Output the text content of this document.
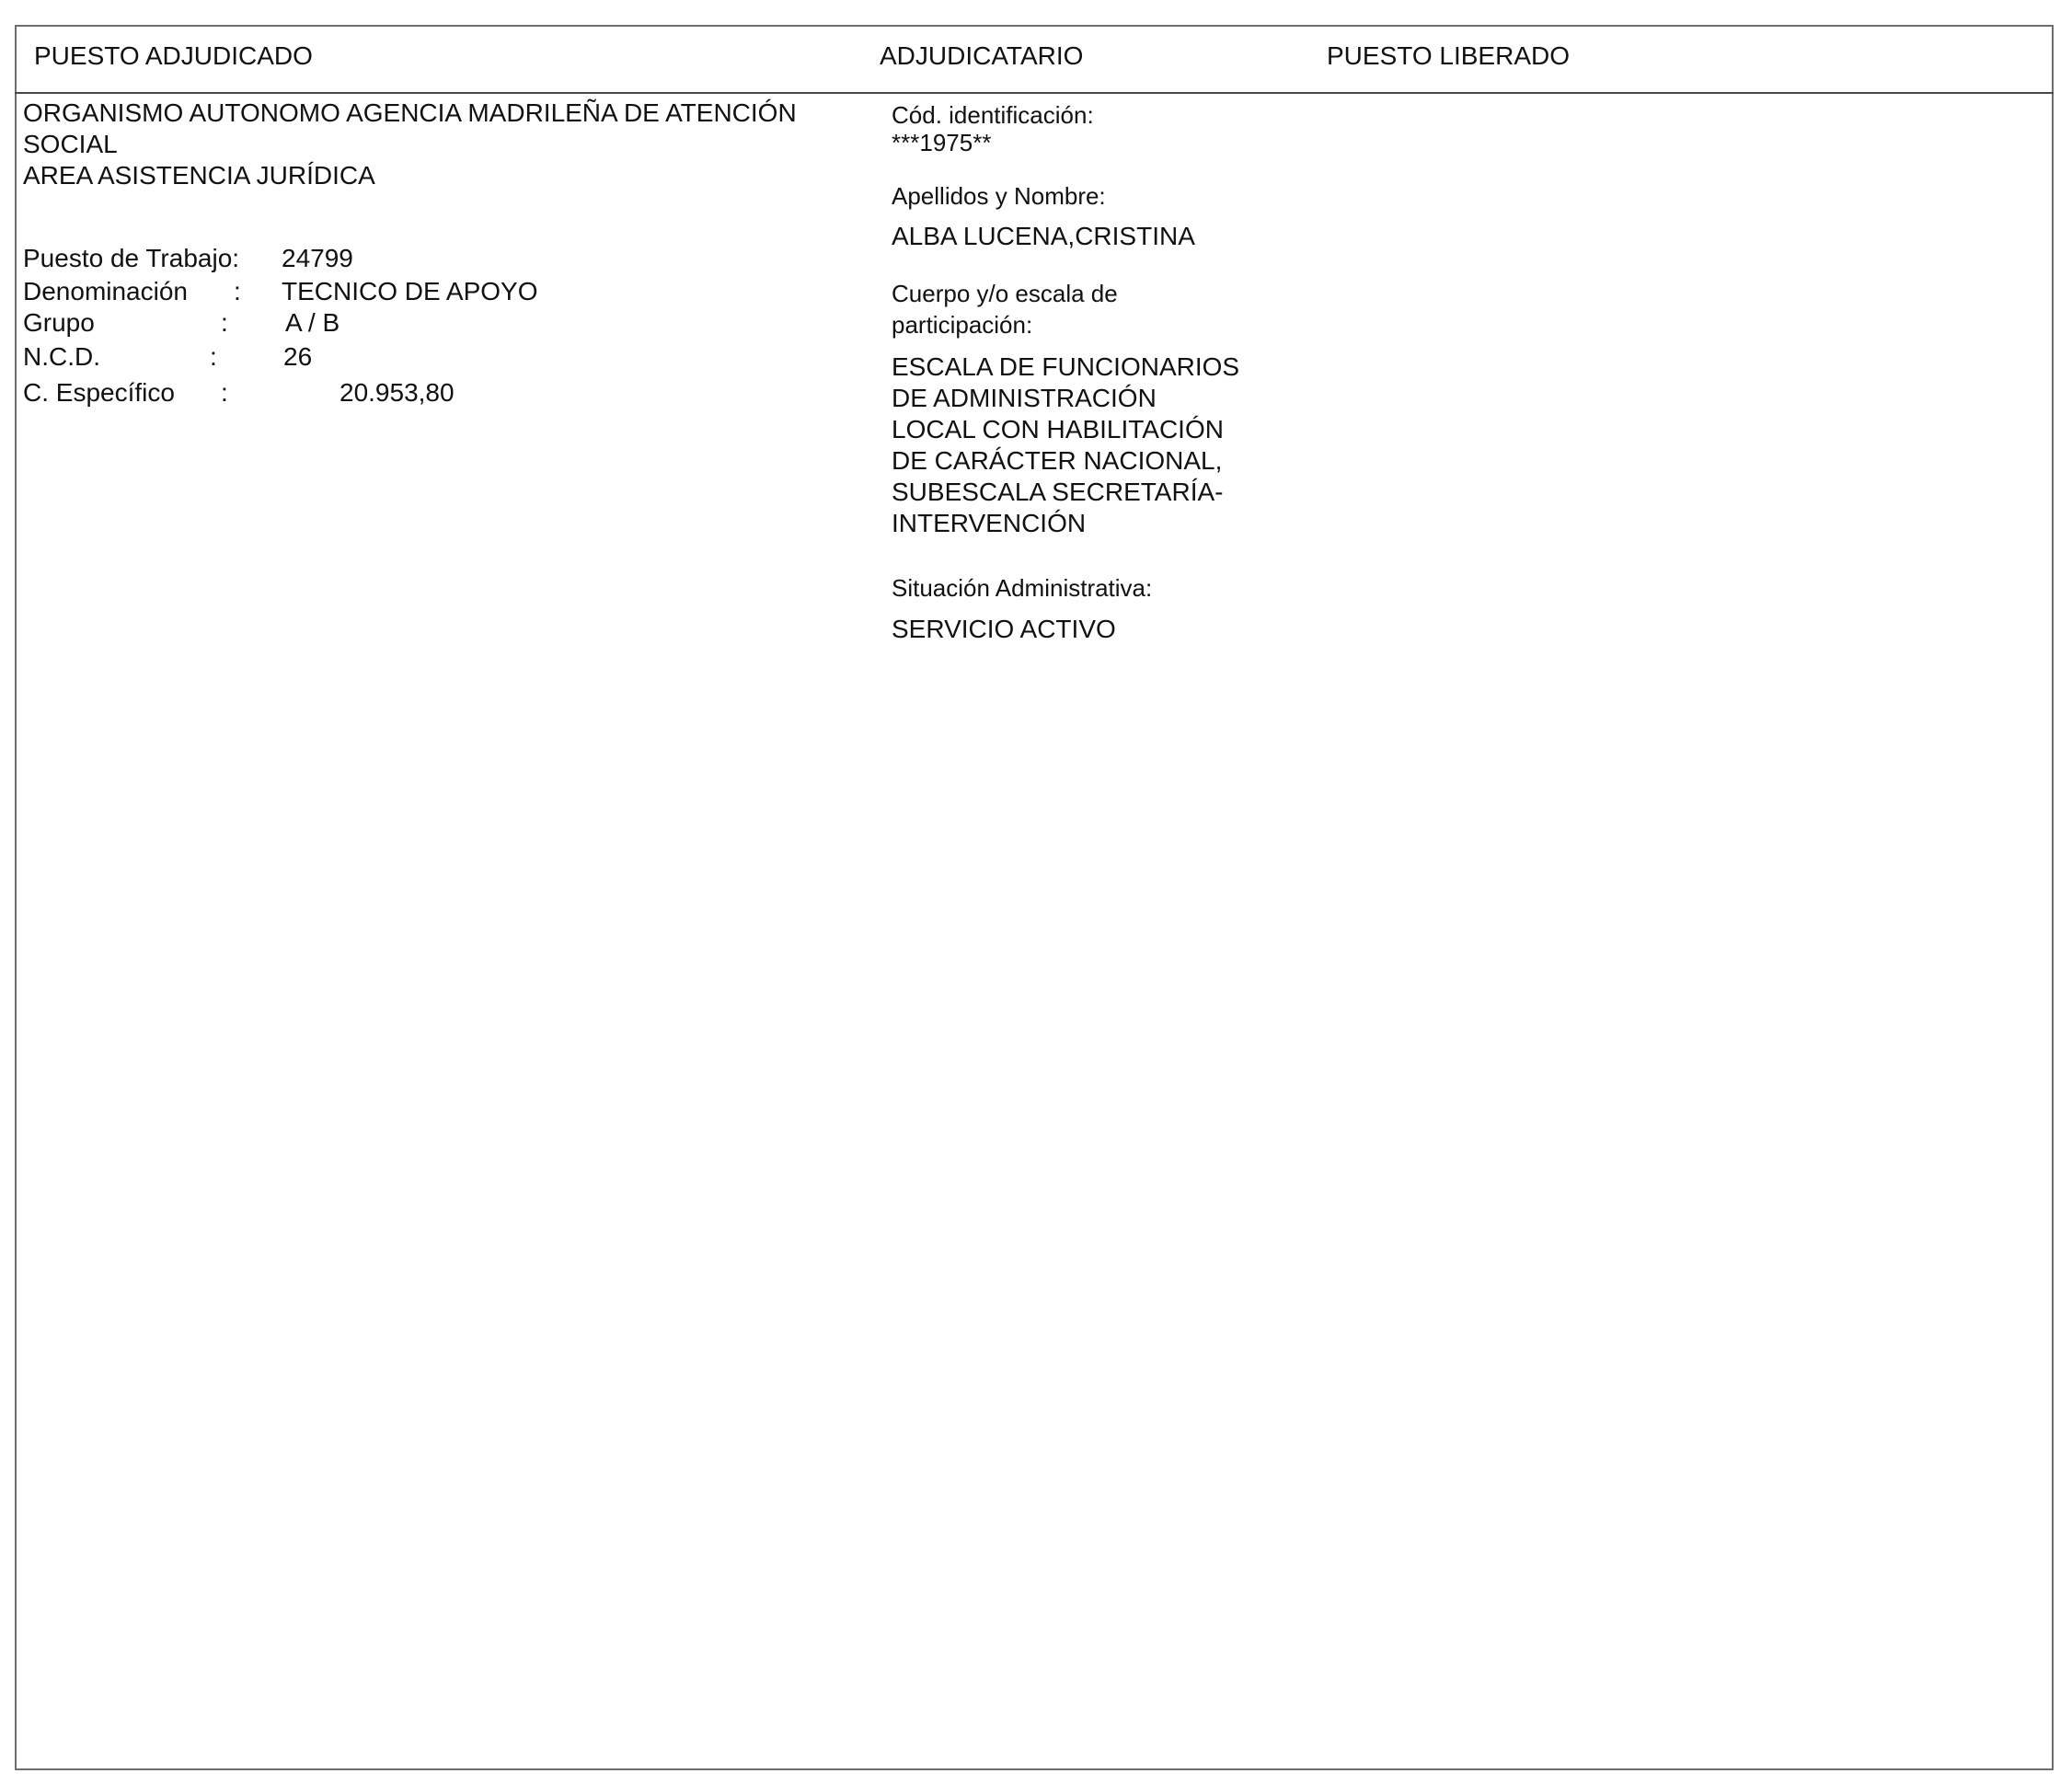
PUESTO ADJUDICADO	ADJUDICATARIO	PUESTO LIBERADO
ORGANISMO AUTONOMO AGENCIA MADRILEÑA DE ATENCIÓN
SOCIAL
AREA ASISTENCIA JURÍDICA
Puesto de Trabajo: 24799
Denominación : TECNICO DE APOYO
Grupo	: A / B
N.C.D.	:	26
C. Específico :	20.953,80
Cód. identificación:
***1975**
Apellidos y Nombre:
ALBA LUCENA,CRISTINA
Cuerpo y/o escala de
participación:
ESCALA DE FUNCIONARIOS
DE ADMINISTRACIÓN
LOCAL CON HABILITACIÓN
DE CARÁCTER NACIONAL,
SUBESCALA SECRETARÍA-
INTERVENCIÓN
Situación Administrativa:
SERVICIO ACTIVO
